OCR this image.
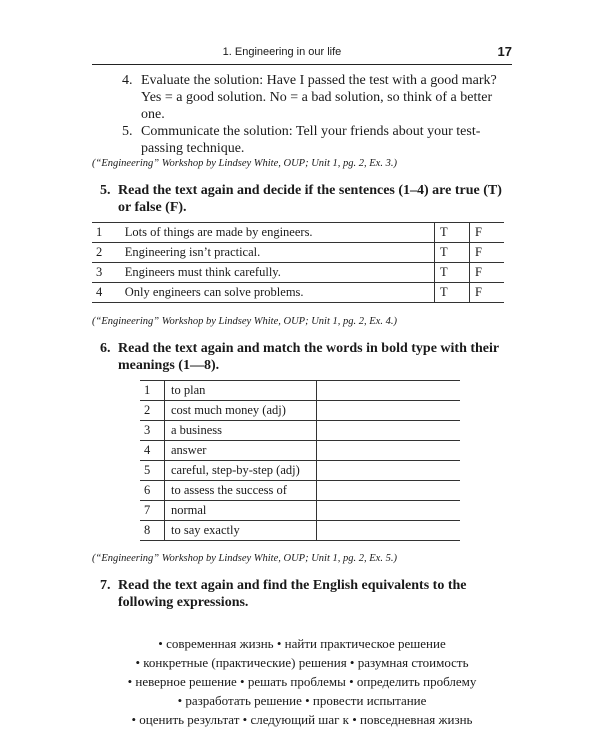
1. Engineering in our life	17
4. Evaluate the solution: Have I passed the test with a good mark? Yes = a good solution. No = a bad solution, so think of a better one.
5. Communicate the solution: Tell your friends about your test-passing technique.
(“Engineering” Workshop by Lindsey White, OUP; Unit 1, pg. 2, Ex. 3.)
5. Read the text again and decide if the sentences (1–4) are true (T) or false (F).
1	Lots of things are made by engineers.	T	F
2	Engineering isn’t practical.	T	F
3	Engineers must think carefully.	T	F
4	Only engineers can solve problems.	T	F
(“Engineering” Workshop by Lindsey White, OUP; Unit 1, pg. 2, Ex. 4.)
6. Read the text again and match the words in bold type with their meanings (1—8).
1	to plan	
2	cost much money (adj)	
3	a business	
4	answer	
5	careful, step-by-step (adj)	
6	to assess the success of	
7	normal	
8	to say exactly	
(“Engineering” Workshop by Lindsey White, OUP; Unit 1, pg. 2, Ex. 5.)
7. Read the text again and find the English equivalents to the following expressions.
• современная жизнь • найти практическое решение
• конкретные (практические) решения • разумная стоимость
• неверное решение • решать проблемы • определить проблему
• разработать решение • провести испытание
• оценить результат • следующий шаг к • повседневная жизнь
